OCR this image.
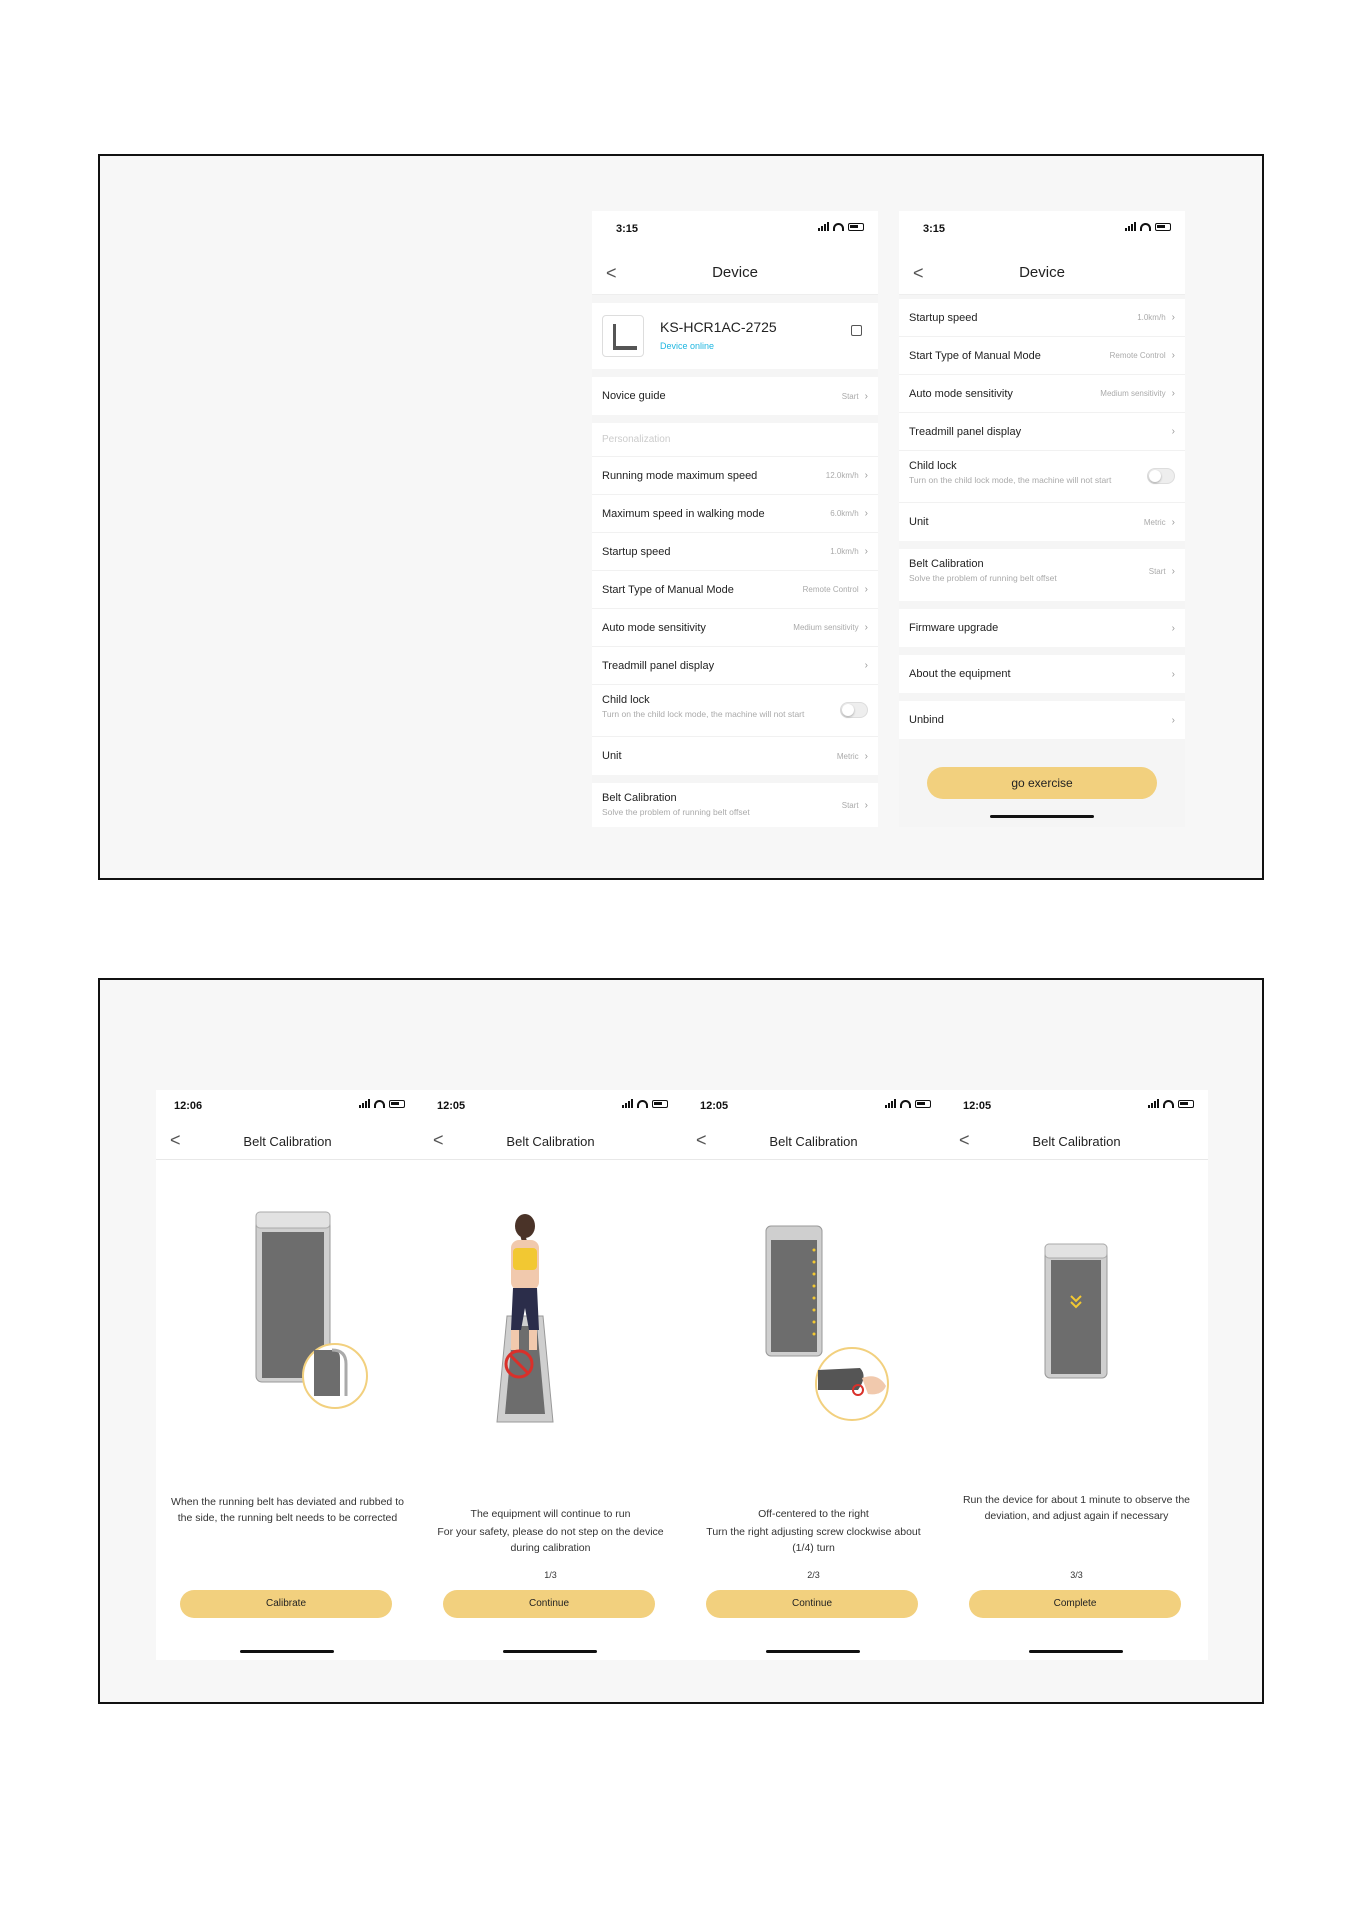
3:15
<	Device
KS-HCR1AC-2725
Device online
Novice guide	Start ›
Personalization
Running mode maximum speed	12.0km/h ›
Maximum speed in walking mode	6.0km/h ›
Startup speed	1.0km/h ›
Start Type of Manual Mode	Remote Control ›
Auto mode sensitivity	Medium sensitivity ›
Treadmill panel display	›
Child lock
Turn on the child lock mode, the machine will not start
Unit	Metric ›
Belt Calibration
Solve the problem of running belt offset
Start ›
3:15
<	Device
Startup speed	1.0km/h ›
Start Type of Manual Mode	Remote Control ›
Auto mode sensitivity	Medium sensitivity ›
Treadmill panel display	›
Child lock
Turn on the child lock mode, the machine will not start
Unit	Metric ›
Belt Calibration
Solve the problem of running belt offset
Start ›
Firmware upgrade	›
About the equipment	›
Unbind	›
go exercise
12:06
<	Belt Calibration
When the running belt has deviated and rubbed to the side, the running belt needs to be corrected
Calibrate
12:05
<	Belt Calibration
The equipment will continue to run
For your safety, please do not step on the device during calibration
1/3
Continue
12:05
<	Belt Calibration
Off-centered to the right
Turn the right adjusting screw clockwise about (1/4) turn
2/3
Continue
12:05
<	Belt Calibration
Run the device for about 1 minute to observe the deviation, and adjust again if necessary
3/3
Complete
